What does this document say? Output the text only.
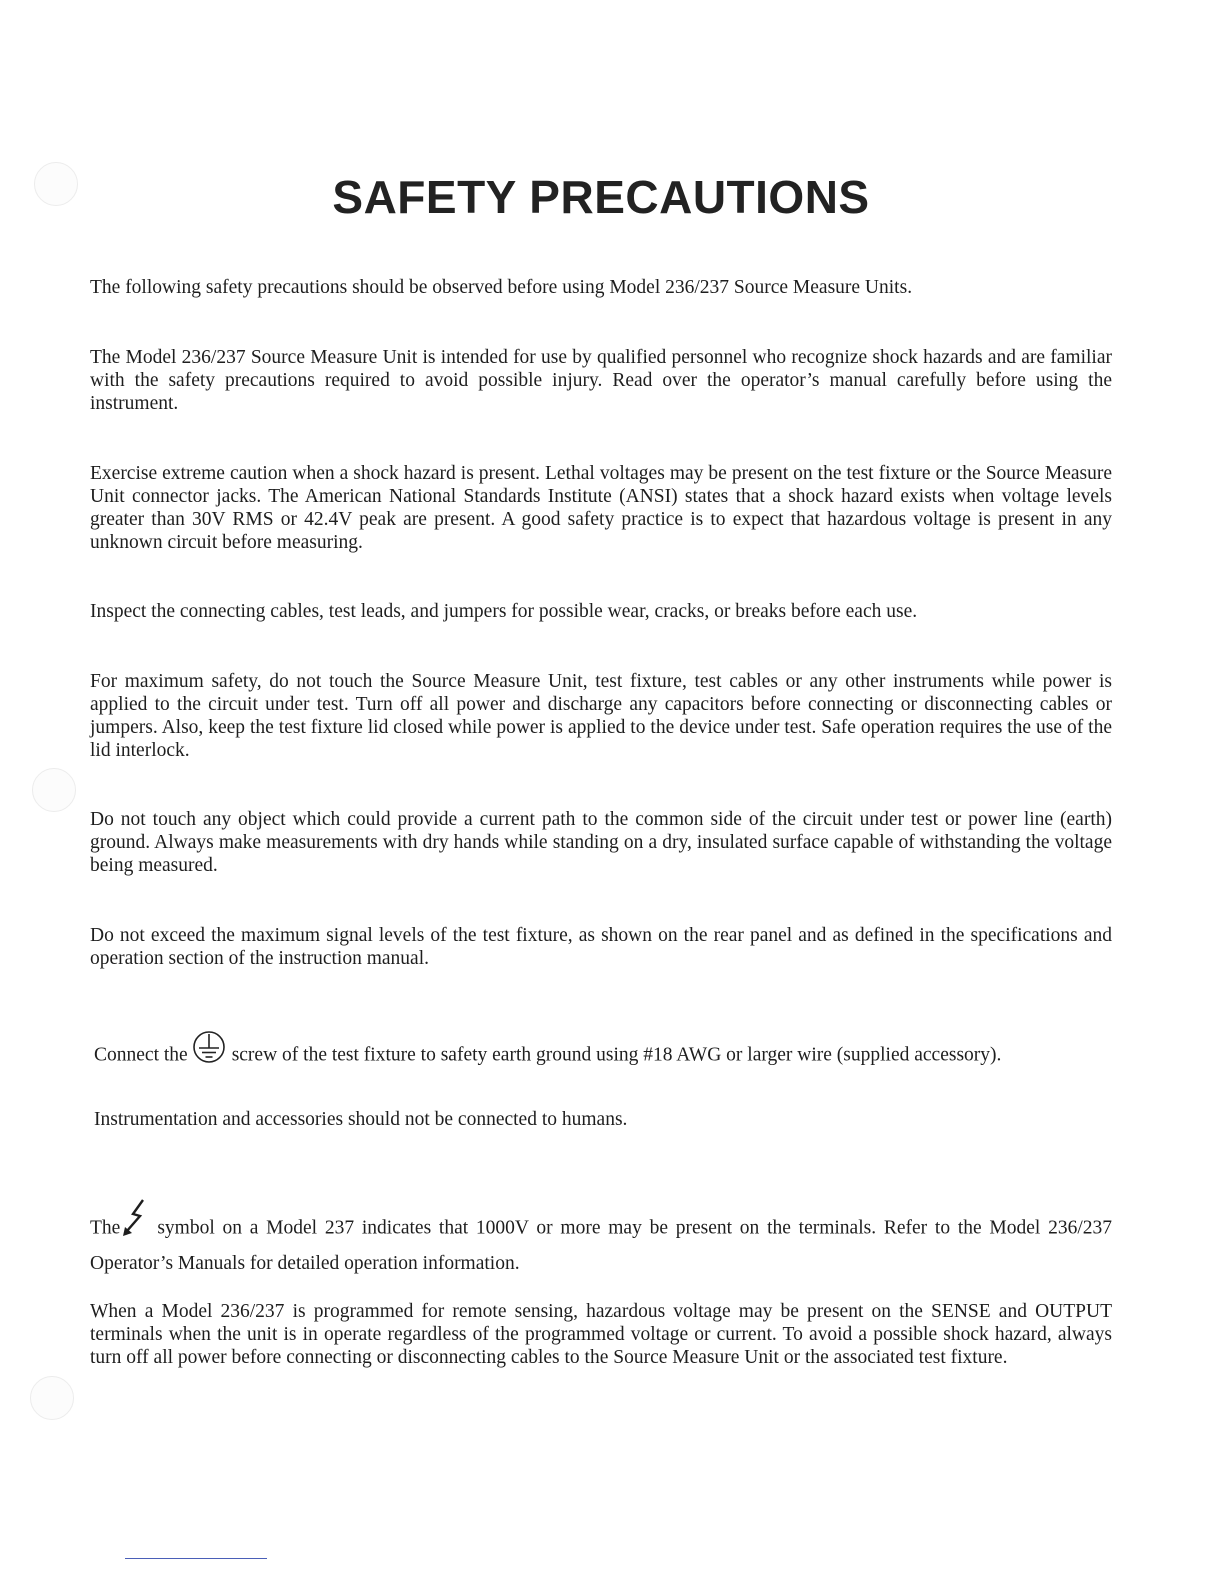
SAFETY PRECAUTIONS

The following safety precautions should be observed before using Model 236/237 Source Measure Units.

The Model 236/237 Source Measure Unit is intended for use by qualified personnel who recognize shock hazards and are familiar with the safety precautions required to avoid possible injury. Read over the operator’s manual carefully before using the instrument.

Exercise extreme caution when a shock hazard is present. Lethal voltages may be present on the test fixture or the Source Measure Unit connector jacks. The American National Standards Institute (ANSI) states that a shock hazard exists when voltage levels greater than 30V RMS or 42.4V peak are present. A good safety practice is to expect that hazardous voltage is present in any unknown circuit before measuring.

Inspect the connecting cables, test leads, and jumpers for possible wear, cracks, or breaks before each use.

For maximum safety, do not touch the Source Measure Unit, test fixture, test cables or any other instruments while power is applied to the circuit under test. Turn off all power and discharge any capacitors before connecting or disconnecting cables or jumpers. Also, keep the test fixture lid closed while power is applied to the device under test. Safe operation requires the use of the lid interlock.

Do not touch any object which could provide a current path to the common side of the circuit under test or power line (earth) ground. Always make measurements with dry hands while standing on a dry, insulated surface capable of withstanding the voltage being measured.

Do not exceed the maximum signal levels of the test fixture, as shown on the rear panel and as defined in the specifications and operation section of the instruction manual.

Connect the screw of the test fixture to safety earth ground using #18 AWG or larger wire (supplied accessory).

Instrumentation and accessories should not be connected to humans.

The symbol on a Model 237 indicates that 1000V or more may be present on the terminals. Refer to the Model 236/237 Operator’s Manuals for detailed operation information.

When a Model 236/237 is programmed for remote sensing, hazardous voltage may be present on the SENSE and OUTPUT terminals when the unit is in operate regardless of the programmed voltage or current. To avoid a possible shock hazard, always turn off all power before connecting or disconnecting cables to the Source Measure Unit or the associated test fixture.
